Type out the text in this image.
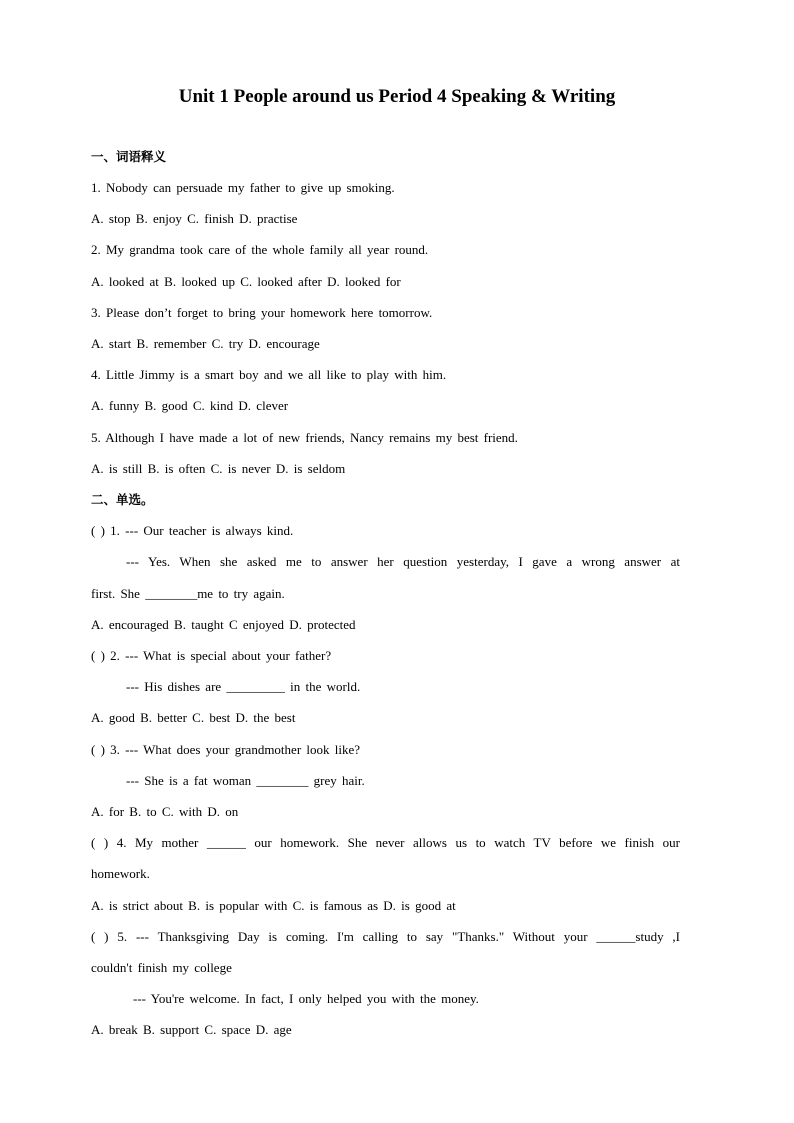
Unit 1 People around us Period 4 Speaking & Writing
一、词语释义
1. Nobody can persuade my father to give up smoking.
A. stop B. enjoy C. finish D. practise
2. My grandma took care of the whole family all year round.
A. looked at B. looked up C. looked after D. looked for
3. Please don’t forget to bring your homework here tomorrow.
A. start B. remember C. try D. encourage
4. Little Jimmy is a smart boy and we all like to play with him.
A. funny B. good C. kind D. clever
5. Although I have made a lot of new friends, Nancy remains my best friend.
A. is still B. is often C. is never D. is seldom
二、单选。
( ) 1. --- Our teacher is always kind.
--- Yes. When she asked me to answer her question yesterday, I gave a wrong answer at
first. She ________me to try again.
A. encouraged B. taught C enjoyed D. protected
( ) 2. --- What is special about your father?
--- His dishes are _________ in the world.
A. good B. better C. best D. the best
( ) 3. --- What does your grandmother look like?
--- She is a fat woman ________ grey hair.
A. for B. to C. with D. on
( ) 4. My mother ______ our homework. She never allows us to watch TV before we finish our
homework.
A. is strict about B. is popular with C. is famous as D. is good at
( ) 5. --- Thanksgiving Day is coming. I'm calling to say "Thanks." Without your ______study ,I
couldn't finish my college
--- You're welcome. In fact, I only helped you with the money.
A. break B. support C. space D. age
